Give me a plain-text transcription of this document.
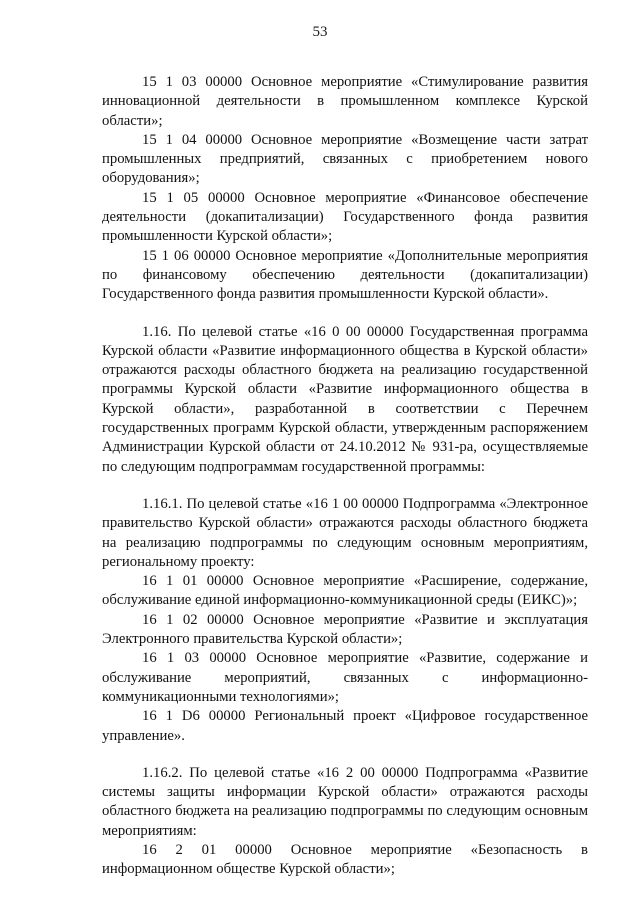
53

15 1 03 00000 Основное мероприятие «Стимулирование развития инновационной деятельности в промышленном комплексе Курской области»;

15 1 04 00000 Основное мероприятие «Возмещение части затрат промышленных предприятий, связанных с приобретением нового оборудования»;

15 1 05 00000 Основное мероприятие «Финансовое обеспечение деятельности (докапитализации) Государственного фонда развития промышленности Курской области»;

15 1 06 00000 Основное мероприятие «Дополнительные мероприятия по финансовому обеспечению деятельности (докапитализации) Государственного фонда развития промышленности Курской области».

1.16. По целевой статье «16 0 00 00000 Государственная программа Курской области «Развитие информационного общества в Курской области» отражаются расходы областного бюджета на реализацию государственной программы Курской области «Развитие информационного общества в Курской области», разработанной в соответствии с Перечнем государственных программ Курской области, утвержденным распоряжением Администрации Курской области от 24.10.2012 № 931-ра, осуществляемые по следующим подпрограммам государственной программы:

1.16.1. По целевой статье «16 1 00 00000 Подпрограмма «Электронное правительство Курской области» отражаются расходы областного бюджета на реализацию подпрограммы по следующим основным мероприятиям, региональному проекту:

16 1 01 00000 Основное мероприятие «Расширение, содержание, обслуживание единой информационно-коммуникационной среды (ЕИКС)»;

16 1 02 00000 Основное мероприятие «Развитие и эксплуатация Электронного правительства Курской области»;

16 1 03 00000 Основное мероприятие «Развитие, содержание и обслуживание мероприятий, связанных с информационно-коммуникационными технологиями»;

16 1 D6 00000 Региональный проект «Цифровое государственное управление».

1.16.2. По целевой статье «16 2 00 00000 Подпрограмма «Развитие системы защиты информации Курской области» отражаются расходы областного бюджета на реализацию подпрограммы по следующим основным мероприятиям:

16 2 01 00000 Основное мероприятие «Безопасность в информационном обществе Курской области»;
